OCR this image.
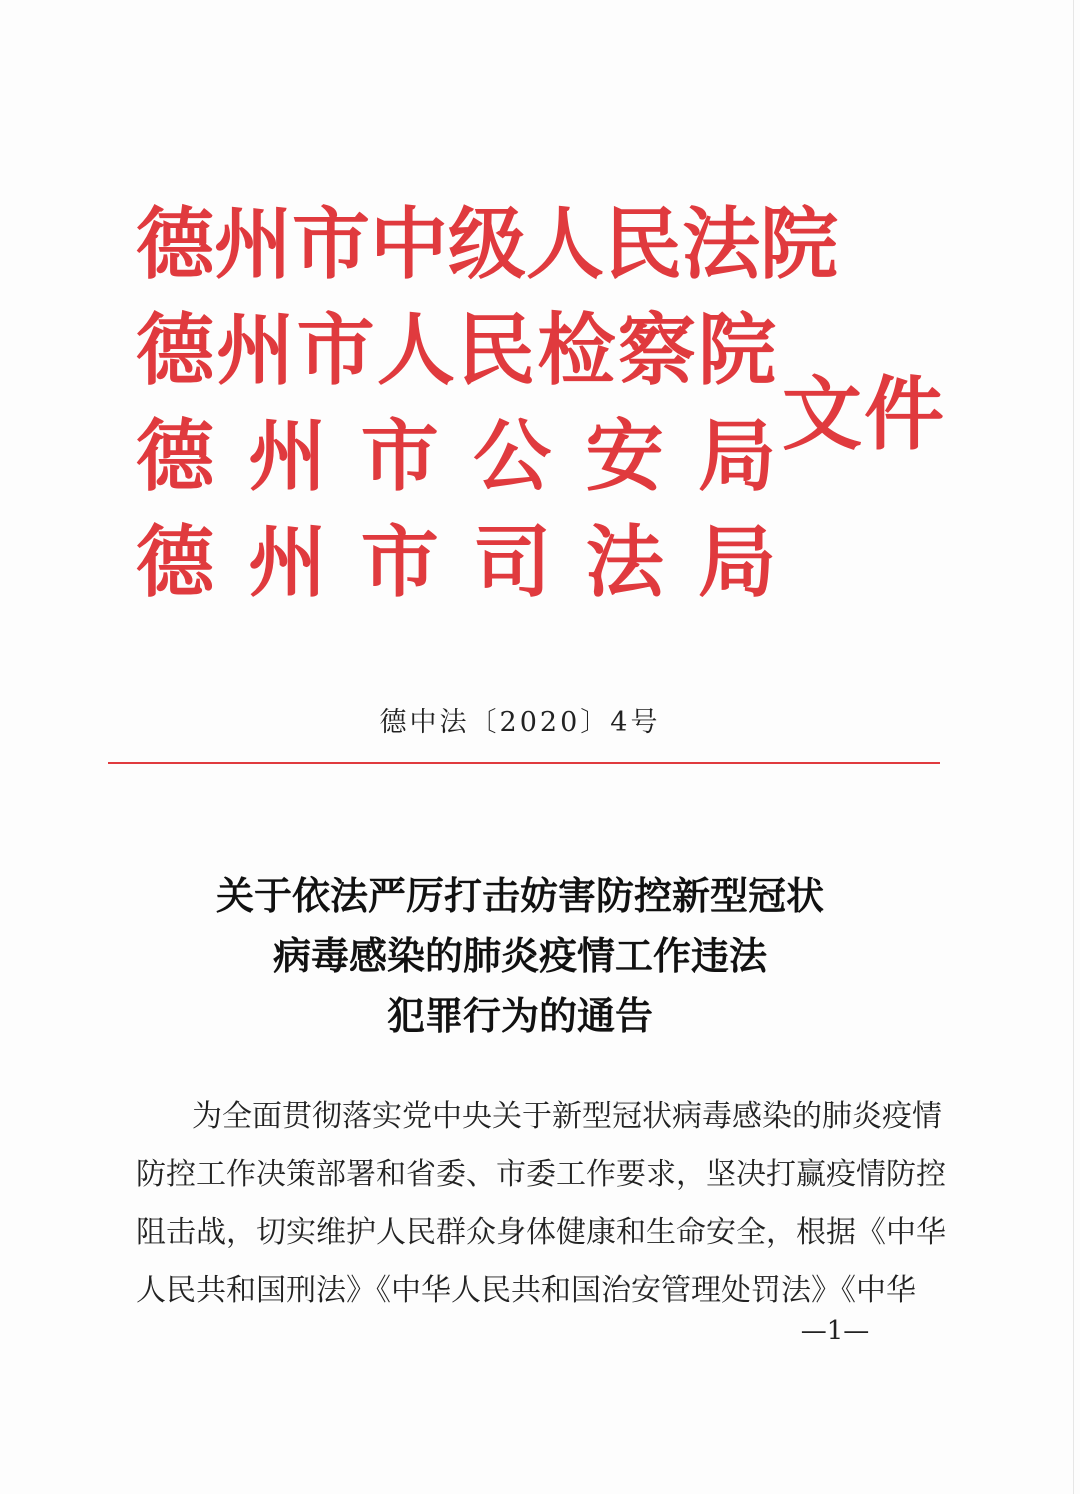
德 州 市 中 级 人 民 法 院
德 州 市 人 民 检 察 院
德 州 市 公 安 局
德 州 市 司 法 局
文件
德中法〔2020〕4号
关于依法严厉打击妨害防控新型冠状
病毒感染的肺炎疫情工作违法
犯罪行为的通告
为全面贯彻落实党中央关于新型冠状病毒感染的肺炎疫情
防控工作决策部署和省委、市委工作要求，坚决打赢疫情防控
阻击战，切实维护人民群众身体健康和生命安全，根据《中华
人民共和国刑法》《中华人民共和国治安管理处罚法》《中华
—1—
